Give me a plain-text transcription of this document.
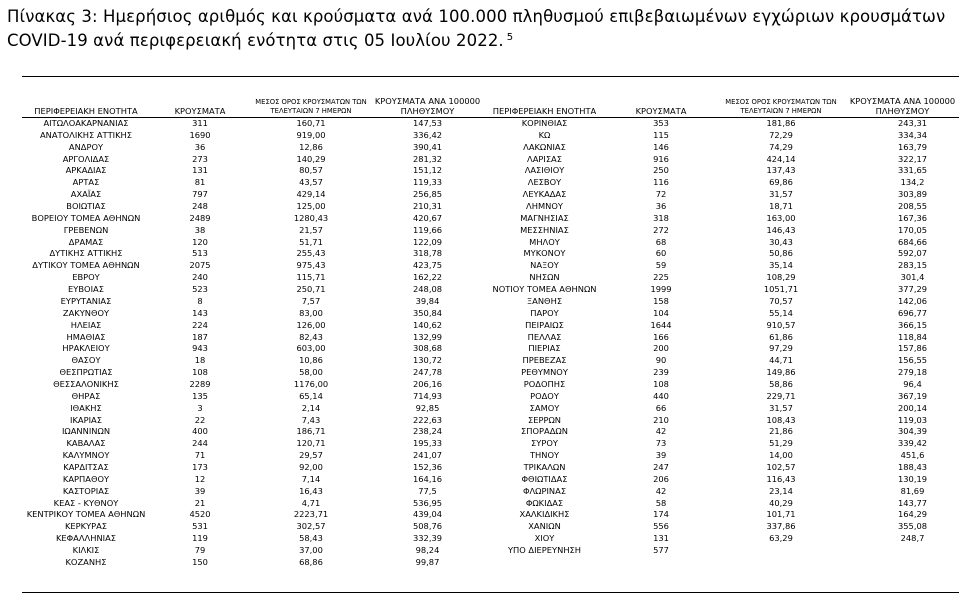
Πίνακας 3: Ημερήσιος αριθμός και κρούσματα ανά 100.000 πληθυσμού επιβεβαιωμένων εγχώριων κρουσμάτων COVID-19 ανά περιφερειακή ενότητα στις 05 Ιουλίου 2022. $^5$
ΠΕΡΙΦΕΡΕΙΑΚΗ ΕΝΟΤΗΤΑ	ΚΡΟΥΣΜΑΤΑ	ΜΕΣΟΣ ΟΡΟΣ ΚΡΟΥΣΜΑΤΩΝ ΤΩΝ ΤΕΛΕΥΤΑΙΩΝ 7 ΗΜΕΡΩΝ	ΚΡΟΥΣΜΑΤΑ ΑΝΑ 100000 ΠΛΗΘΥΣΜΟΥ	ΠΕΡΙΦΕΡΕΙΑΚΗ ΕΝΟΤΗΤΑ	ΚΡΟΥΣΜΑΤΑ	ΜΕΣΟΣ ΟΡΟΣ ΚΡΟΥΣΜΑΤΩΝ ΤΩΝ ΤΕΛΕΥΤΑΙΩΝ 7 ΗΜΕΡΩΝ	ΚΡΟΥΣΜΑΤΑ ΑΝΑ 100000 ΠΛΗΘΥΣΜΟΥ
ΑΙΤΩΛΟΑΚΑΡΝΑΝΙΑΣ	311	160,71	147,53	ΚΟΡΙΝΘΙΑΣ	353	181,86	243,31
ΑΝΑΤΟΛΙΚΗΣ ΑΤΤΙΚΗΣ	1690	919,00	336,42	ΚΩ	115	72,29	334,34
ΑΝΔΡΟΥ	36	12,86	390,41	ΛΑΚΩΝΙΑΣ	146	74,29	163,79
ΑΡΓΟΛΙΔΑΣ	273	140,29	281,32	ΛΑΡΙΣΑΣ	916	424,14	322,17
ΑΡΚΑΔΙΑΣ	131	80,57	151,12	ΛΑΣΙΘΙΟΥ	250	137,43	331,65
ΑΡΤΑΣ	81	43,57	119,33	ΛΕΣΒΟΥ	116	69,86	134,2
ΑΧΑΪΑΣ	797	429,14	256,85	ΛΕΥΚΑΔΑΣ	72	31,57	303,89
ΒΟΙΩΤΙΑΣ	248	125,00	210,31	ΛΗΜΝΟΥ	36	18,71	208,55
ΒΟΡΕΙΟΥ ΤΟΜΕΑ ΑΘΗΝΩΝ	2489	1280,43	420,67	ΜΑΓΝΗΣΙΑΣ	318	163,00	167,36
ΓΡΕΒΕΝΩΝ	38	21,57	119,66	ΜΕΣΣΗΝΙΑΣ	272	146,43	170,05
ΔΡΑΜΑΣ	120	51,71	122,09	ΜΗΛΟΥ	68	30,43	684,66
ΔΥΤΙΚΗΣ ΑΤΤΙΚΗΣ	513	255,43	318,78	ΜΥΚΟΝΟΥ	60	50,86	592,07
ΔΥΤΙΚΟΥ ΤΟΜΕΑ ΑΘΗΝΩΝ	2075	975,43	423,75	ΝΑΞΟΥ	59	35,14	283,15
ΕΒΡΟΥ	240	115,71	162,22	ΝΗΣΩΝ	225	108,29	301,4
ΕΥΒΟΙΑΣ	523	250,71	248,08	ΝΟΤΙΟΥ ΤΟΜΕΑ ΑΘΗΝΩΝ	1999	1051,71	377,29
ΕΥΡΥΤΑΝΙΑΣ	8	7,57	39,84	ΞΑΝΘΗΣ	158	70,57	142,06
ΖΑΚΥΝΘΟΥ	143	83,00	350,84	ΠΑΡΟΥ	104	55,14	696,77
ΗΛΕΙΑΣ	224	126,00	140,62	ΠΕΙΡΑΙΩΣ	1644	910,57	366,15
ΗΜΑΘΙΑΣ	187	82,43	132,99	ΠΕΛΛΑΣ	166	61,86	118,84
ΗΡΑΚΛΕΙΟΥ	943	603,00	308,68	ΠΙΕΡΙΑΣ	200	97,29	157,86
ΘΑΣΟΥ	18	10,86	130,72	ΠΡΕΒΕΖΑΣ	90	44,71	156,55
ΘΕΣΠΡΩΤΙΑΣ	108	58,00	247,78	ΡΕΘΥΜΝΟΥ	239	149,86	279,18
ΘΕΣΣΑΛΟΝΙΚΗΣ	2289	1176,00	206,16	ΡΟΔΟΠΗΣ	108	58,86	96,4
ΘΗΡΑΣ	135	65,14	714,93	ΡΟΔΟΥ	440	229,71	367,19
ΙΘΑΚΗΣ	3	2,14	92,85	ΣΑΜΟΥ	66	31,57	200,14
ΙΚΑΡΙΑΣ	22	7,43	222,63	ΣΕΡΡΩΝ	210	108,43	119,03
ΙΩΑΝΝΙΝΩΝ	400	186,71	238,24	ΣΠΟΡΑΔΩΝ	42	21,86	304,39
ΚΑΒΑΛΑΣ	244	120,71	195,33	ΣΥΡΟΥ	73	51,29	339,42
ΚΑΛΥΜΝΟΥ	71	29,57	241,07	ΤΗΝΟΥ	39	14,00	451,6
ΚΑΡΔΙΤΣΑΣ	173	92,00	152,36	ΤΡΙΚΑΛΩΝ	247	102,57	188,43
ΚΑΡΠΑΘΟΥ	12	7,14	164,16	ΦΘΙΩΤΙΔΑΣ	206	116,43	130,19
ΚΑΣΤΟΡΙΑΣ	39	16,43	77,5	ΦΛΩΡΙΝΑΣ	42	23,14	81,69
ΚΕΑΣ - ΚΥΘΝΟΥ	21	4,71	536,95	ΦΩΚΙΔΑΣ	58	40,29	143,77
ΚΕΝΤΡΙΚΟΥ ΤΟΜΕΑ ΑΘΗΝΩΝ	4520	2223,71	439,04	ΧΑΛΚΙΔΙΚΗΣ	174	101,71	164,29
ΚΕΡΚΥΡΑΣ	531	302,57	508,76	ΧΑΝΙΩΝ	556	337,86	355,08
ΚΕΦΑΛΛΗΝΙΑΣ	119	58,43	332,39	ΧΙΟΥ	131	63,29	248,7
ΚΙΛΚΙΣ	79	37,00	98,24	ΥΠΟ ΔΙΕΡΕΥΝΗΣΗ	577		
ΚΟΖΑΝΗΣ	150	68,86	99,87				
